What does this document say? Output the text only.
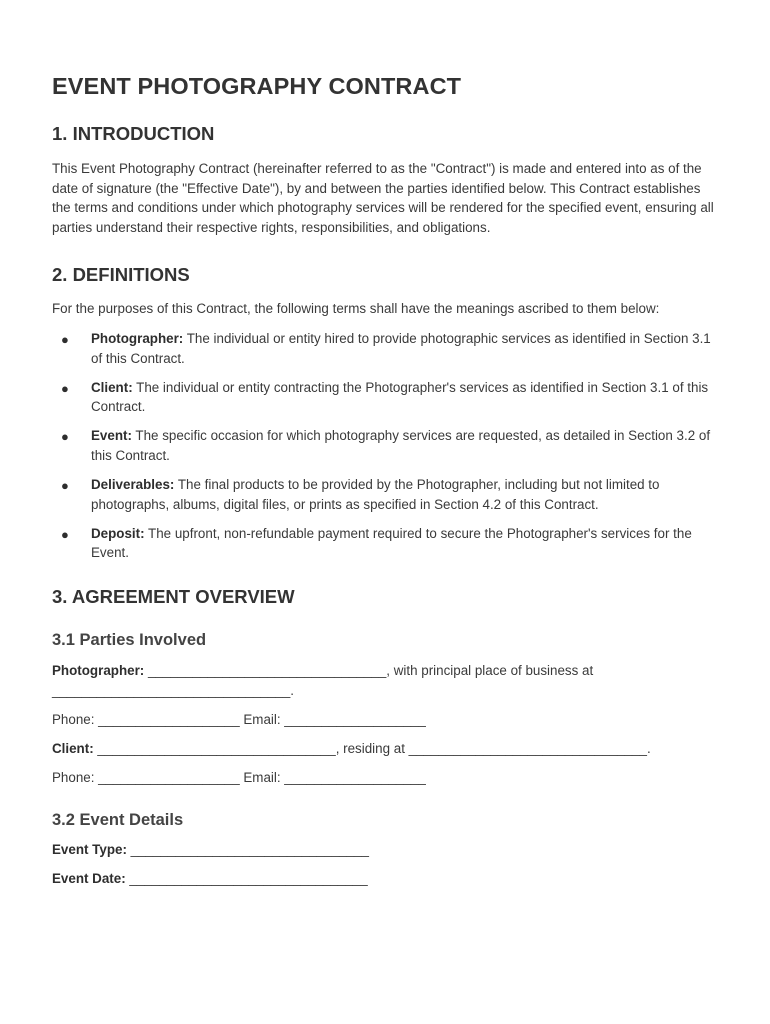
EVENT PHOTOGRAPHY CONTRACT
1. INTRODUCTION

This Event Photography Contract (hereinafter referred to as the "Contract") is made and entered into as of the date of signature (the "Effective Date"), by and between the parties identified below. This Contract establishes the terms and conditions under which photography services will be rendered for the specified event, ensuring all parties understand their respective rights, responsibilities, and obligations.

2. DEFINITIONS

For the purposes of this Contract, the following terms shall have the meanings ascribed to them below:

● Photographer: The individual or entity hired to provide photographic services as identified in Section 3.1 of this Contract.
● Client: The individual or entity contracting the Photographer's services as identified in Section 3.1 of this Contract.
● Event: The specific occasion for which photography services are requested, as detailed in Section 3.2 of this Contract.
● Deliverables: The final products to be provided by the Photographer, including but not limited to photographs, albums, digital files, or prints as specified in Section 4.2 of this Contract.
● Deposit: The upfront, non-refundable payment required to secure the Photographer's services for the Event.
3. AGREEMENT OVERVIEW
3.1 Parties Involved

Photographer: ________________________________, with principal place of business at ________________________________.

Phone: ___________________ Email: ___________________

Client: ________________________________, residing at ________________________________.

Phone: ___________________ Email: ___________________

3.2 Event Details

Event Type: ________________________________

Event Date: ________________________________
